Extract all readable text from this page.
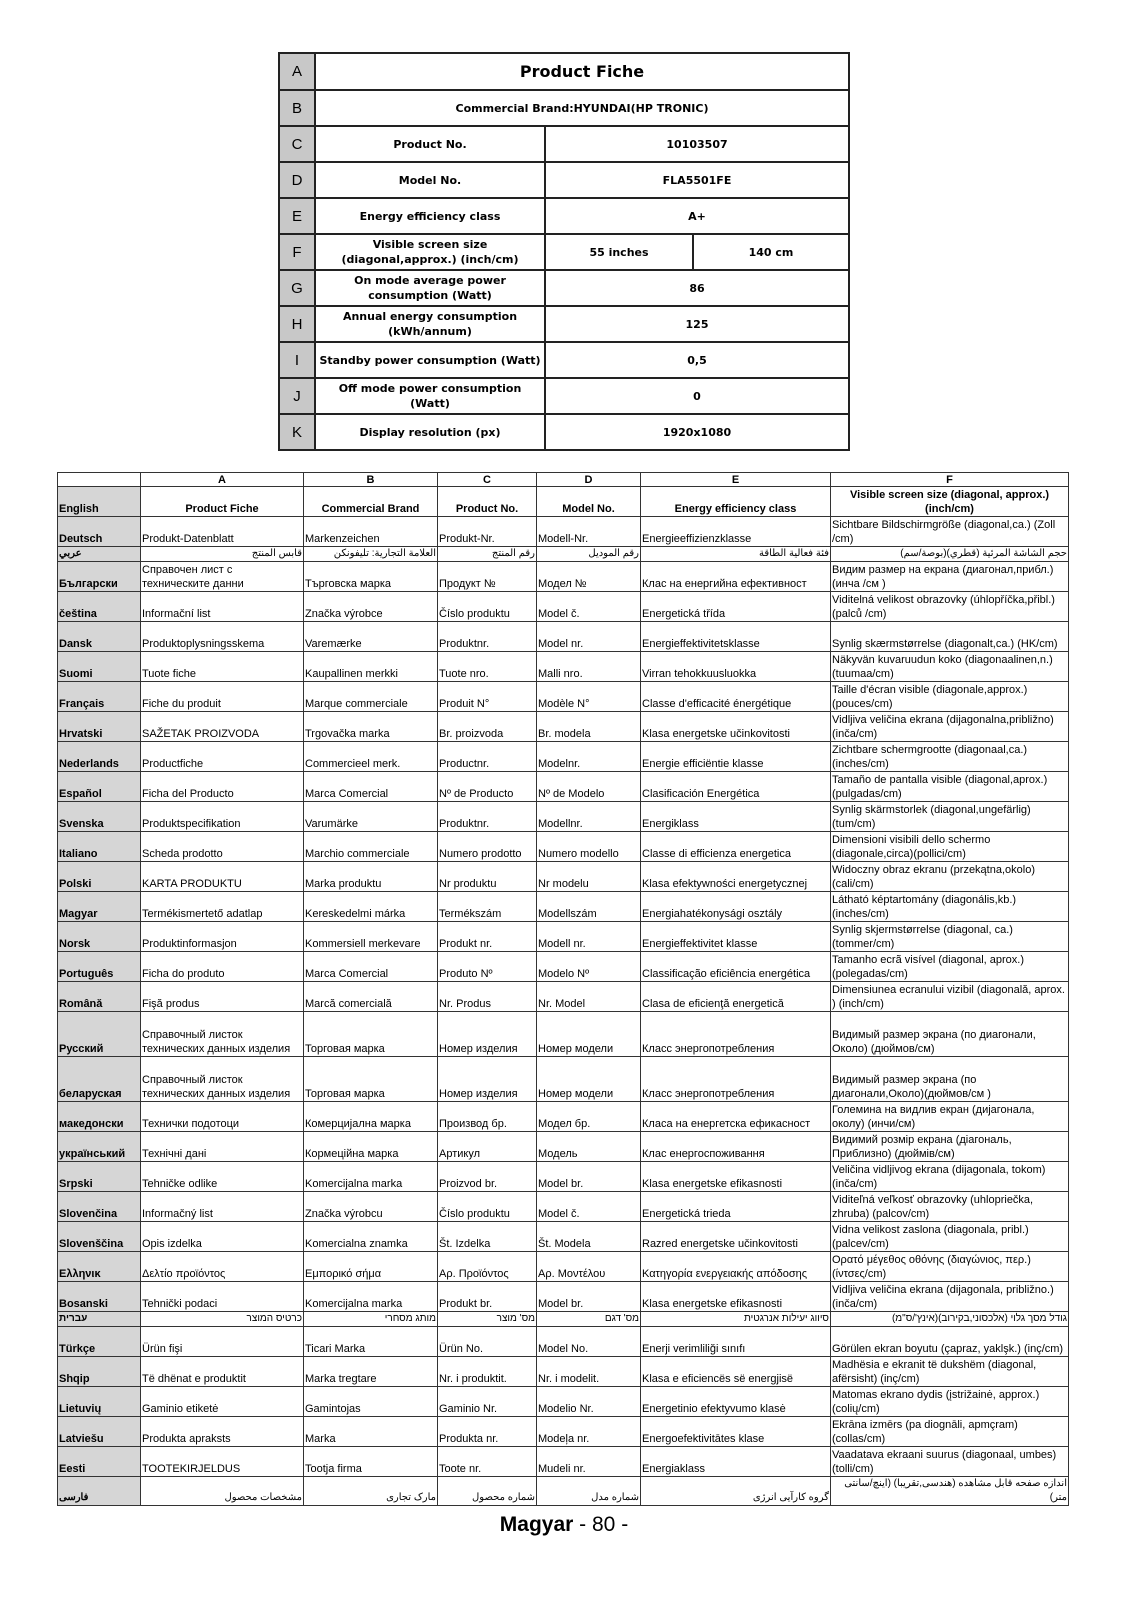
A	Product Fiche		
B	Commercial Brand:HYUNDAI(HP TRONIC)		
C	Product No.	10103507	
D	Model No.	FLA5501FE	
E	Energy efficiency class	A+	
F	Visible screen size (diagonal,approx.) (inch/cm)	55 inches	140 cm
G	On mode average power consumption (Watt)	86	
H	Annual energy consumption (kWh/annum)	125	
I	Standby power consumption (Watt)	0,5	
J	Off mode power consumption (Watt)	0	
K	Display resolution (px)	1920x1080	
	A	B	C	D	E	F
English	Product Fiche	Commercial Brand	Product No.	Model No.	Energy efficiency class	Visible screen size (diagonal, approx.) (inch/cm)
Deutsch	Produkt-Datenblatt	Markenzeichen	Produkt-Nr.	Modell-Nr.	Energieeffizienzklasse	Sichtbare Bildschirmgröße (diagonal,ca.) (Zoll /cm)
عربي	قابس المنتج	العلامة التجارية: تليفونكن	رقم المنتج	رقم الموديل	فئة فعالية الطاقة	حجم الشاشة المرئية (قطري)(بوصة/سم)
Български	Справочен лист с техническите данни	Търговска марка	Продукт №	Модел №	Клас на енергийна ефективност	Видим размер на екрана (диагонал,прибл.) (инча /см )
čeština	Informační list	Značka výrobce	Číslo produktu	Model č.	Energetická třída	Viditelná velikost obrazovky (úhlopříčka,přibl.)(palců /cm)
Dansk	Produktoplysningsskema	Varemærke	Produktnr.	Model nr.	Energieffektivitetsklasse	Synlig skærmstørrelse (diagonalt,ca.) (HK/cm)
Suomi	Tuote fiche	Kaupallinen merkki	Tuote nro.	Malli nro.	Virran tehokkuusluokka	Näkyvän kuvaruudun koko (diagonaalinen,n.) (tuumaa/cm)
Français	Fiche du produit	Marque commerciale	Produit N°	Modèle N°	Classe d'efficacité énergétique	Taille d'écran visible (diagonale,approx.) (pouces/cm)
Hrvatski	SAŽETAK PROIZVODA	Trgovačka marka	Br. proizvoda	Br. modela	Klasa energetske učinkovitosti	Vidljiva veličina ekrana (dijagonalna,približno) (inča/cm)
Nederlands	Productfiche	Commercieel merk.	Productnr.	Modelnr.	Energie efficiëntie klasse	Zichtbare schermgrootte (diagonaal,ca.) (inches/cm)
Español	Ficha del Producto	Marca Comercial	Nº de Producto	Nº de Modelo	Clasificación Energética	Tamaño de pantalla visible (diagonal,aprox.) (pulgadas/cm)
Svenska	Produktspecifikation	Varumärke	Produktnr.	Modellnr.	Energiklass	Synlig skärmstorlek (diagonal,ungefärlig) (tum/cm)
Italiano	Scheda prodotto	Marchio commerciale	Numero prodotto	Numero modello	Classe di efficienza energetica	Dimensioni visibili dello schermo (diagonale,circa)(pollici/cm)
Polski	KARTA PRODUKTU	Marka produktu	Nr produktu	Nr modelu	Klasa efektywności energetycznej	Widoczny obraz ekranu (przekątna,okolo)(cali/cm)
Magyar	Termékismertető adatlap	Kereskedelmi márka	Termékszám	Modellszám	Energiahatékonysági osztály	Látható képtartomány (diagonális,kb.) (inches/cm)
Norsk	Produktinformasjon	Kommersiell merkevare	Produkt nr.	Modell nr.	Energieffektivitet klasse	Synlig skjermstørrelse (diagonal, ca.) (tommer/cm)
Português	Ficha do produto	Marca Comercial	Produto Nº	Modelo Nº	Classificação eficiência energética	Tamanho ecrã visível (diagonal, aprox.) (polegadas/cm)
Română	Fişă produs	Marcă comercială	Nr. Produs	Nr. Model	Clasa de eficienţă energetică	Dimensiunea ecranului vizibil (diagonală, aprox. ) (inch/cm)
Русский	Справочный листок технических данных изделия	Торговая марка	Номер изделия	Номер модели	Класс энергопотребления	Видимый размер экрана (по диагонали, Около) (дюймов/см)
беларуская	Справочный листок технических данных изделия	Торговая марка	Номер изделия	Номер модели	Класс энергопотребления	Видимый размер экрана (по диагонали,Около)(дюймов/см )
македонски	Технички подотоци	Комерцијална марка	Производ бр.	Модел бр.	Класа на енергетска ефикасност	Големина на видлив екран (дијагонала, околу) (инчи/см)
український	Технічні дані	Кормеційна марка	Артикул	Модель	Клас енергоспоживання	Видимий розмір екрана (діагональ, Приблизно) (дюймів/см)
Srpski	Tehničke odlike	Komercijalna marka	Proizvod br.	Model br.	Klasa energetske efikasnosti	Veličina vidljivog ekrana (dijagonala, tokom) (inča/cm)
Slovenčina	Informačný list	Značka výrobcu	Číslo produktu	Model č.	Energetická trieda	Viditeľná veľkosť obrazovky (uhlopriečka, zhruba) (palcov/cm)
Slovenščina	Opis izdelka	Komercialna znamka	Št. Izdelka	Št. Modela	Razred energetske učinkovitosti	Vidna velikost zaslona (diagonala, pribl.) (palcev/cm)
Ελληνικ	Δελτίο προϊόντος	Εμπορικό σήμα	Αρ. Προϊόντος	Αρ. Μοντέλου	Κατηγορία ενεργειακής απόδοσης	Ορατό μέγεθος οθόνης (διαγώνιος, περ.) (ίντσες/cm)
Bosanski	Tehnički podaci	Komercijalna marka	Produkt br.	Model br.	Klasa energetske efikasnosti	Vidljiva veličina ekrana (dijagonala, približno.) (inča/cm)
עברית	כרטיס המוצר	מותג מסחרי	מס' מוצר	מס' דגם	סיווג יעילות אנרגטית	גודל מסך גלוי (אלכסוני,בקירוב)(אינץ'/ס"מ)
Türkçe	Ürün fişi	Ticari Marka	Ürün No.	Model No.	Enerji verimliliği sınıfı	Görülen ekran boyutu (çapraz, yaklşk.) (inç/cm)
Shqip	Të dhënat e produktit	Marka tregtare	Nr. i produktit.	Nr. i modelit.	Klasa e eficiencës së energjisë	Madhësia e ekranit të dukshëm (diagonal, afërsisht) (inç/cm)
Lietuvių	Gaminio etiketė	Gamintojas	Gaminio Nr.	Modelio Nr.	Energetinio efektyvumo klasė	Matomas ekrano dydis (įstrižainė, approx.) (colių/cm)
Latviešu	Produkta apraksts	Marka	Produkta nr.	Modeļa nr.	Energoefektivitātes klase	Ekrāna izmērs (pa diognāli, apmçram) (collas/cm)
Eesti	TOOTEKIRJELDUS	Tootja firma	Toote nr.	Mudeli nr.	Energiaklass	Vaadatava ekraani suurus (diagonaal, umbes) (tolli/cm)
فارسی	مشخصات محصول	مارک تجاری	شماره محصول	شماره مدل	گروه کارآیی انرژی	اندازه صفحه قابل مشاهده (هندسی,تقریبا) (اینچ/سانتی متر)
Magyar - 80 -
